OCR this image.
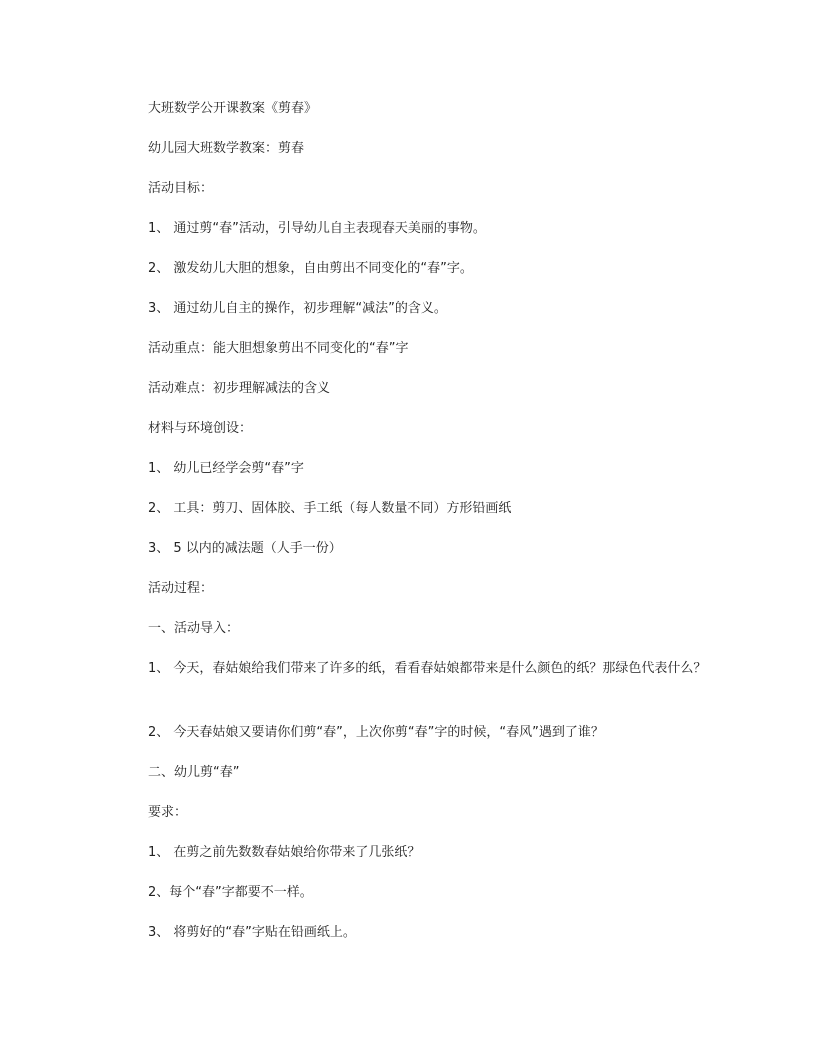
大班数学公开课教案《剪春》
幼儿园大班数学教案：剪春
活动目标：
1、 通过剪“春”活动，引导幼儿自主表现春天美丽的事物。
2、 激发幼儿大胆的想象，自由剪出不同变化的“春”字。
3、 通过幼儿自主的操作，初步理解“减法”的含义。
活动重点：能大胆想象剪出不同变化的“春”字
活动难点：初步理解减法的含义
材料与环境创设：
1、 幼儿已经学会剪“春”字
2、 工具：剪刀、固体胶、手工纸（每人数量不同）方形铅画纸
3、 5 以内的减法题（人手一份）
活动过程：
一、活动导入：
1、 今天，春姑娘给我们带来了许多的纸，看看春姑娘都带来是什么颜色的纸？那绿色代表什么？
2、 今天春姑娘又要请你们剪“春”，上次你剪“春”字的时候，“春风”遇到了谁？
二、幼儿剪“春”
要求：
1、 在剪之前先数数春姑娘给你带来了几张纸？
2、每个“春”字都要不一样。
3、 将剪好的“春”字贴在铅画纸上。
